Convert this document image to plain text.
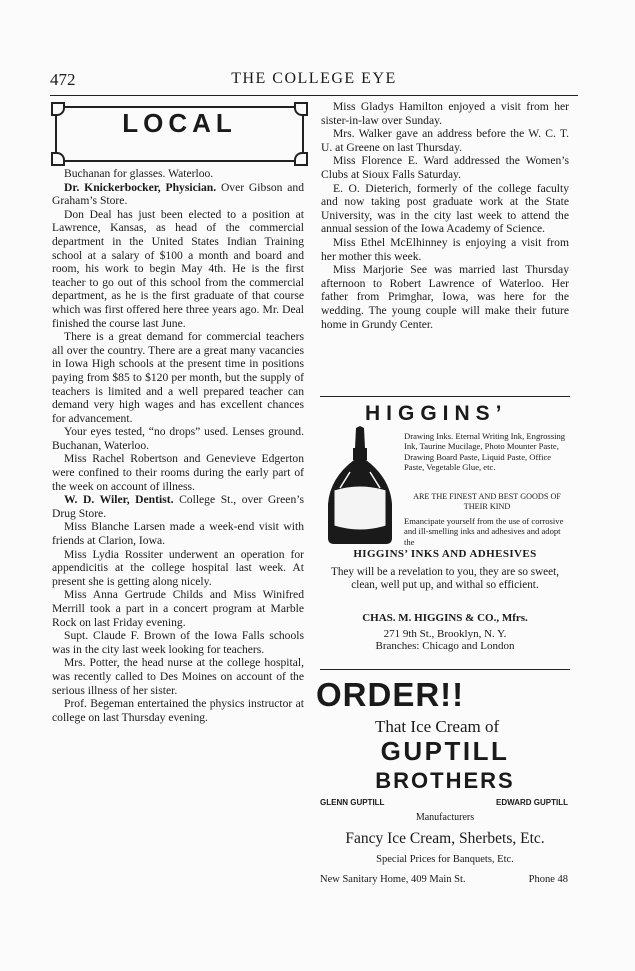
472	THE COLLEGE EYE
LOCAL

Buchanan for glasses. Waterloo.

Dr. Knickerbocker, Physician. Over Gibson and Graham’s Store.

Don Deal has just been elected to a position at Lawrence, Kansas, as head of the commercial department in the United States Indian Training school at a salary of $100 a month and board and room, his work to begin May 4th. He is the first teacher to go out of this school from the commercial department, as he is the first graduate of that course which was first offered here three years ago. Mr. Deal finished the course last June.

There is a great demand for commercial teachers all over the country. There are a great many vacancies in Iowa High schools at the present time in positions paying from $85 to $120 per month, but the supply of teachers is limited and a well prepared teacher can demand very high wages and has excellent chances for advancement.

Your eyes tested, “no drops” used. Lenses ground. Buchanan, Waterloo.

Miss Rachel Robertson and Genevieve Edgerton were confined to their rooms during the early part of the week on account of illness.

W. D. Wiler, Dentist. College St., over Green’s Drug Store.

Miss Blanche Larsen made a week-end visit with friends at Clarion, Iowa.

Miss Lydia Rossiter underwent an operation for appendicitis at the college hospital last week. At present she is getting along nicely.

Miss Anna Gertrude Childs and Miss Winifred Merrill took a part in a concert program at Marble Rock on last Friday evening.

Supt. Claude F. Brown of the Iowa Falls schools was in the city last week looking for teachers.

Mrs. Potter, the head nurse at the college hospital, was recently called to Des Moines on account of the serious illness of her sister.

Prof. Begeman entertained the physics instructor at college on last Thursday evening.

Miss Gladys Hamilton enjoyed a visit from her sister-in-law over Sunday.

Mrs. Walker gave an address before the W. C. T. U. at Greene on last Thursday.

Miss Florence E. Ward addressed the Women’s Clubs at Sioux Falls Saturday.

E. O. Dieterich, formerly of the college faculty and now taking post graduate work at the State University, was in the city last week to attend the annual session of the Iowa Academy of Science.

Miss Ethel McElhinney is enjoying a visit from her mother this week.

Miss Marjorie See was married last Thursday afternoon to Robert Lawrence of Waterloo. Her father from Primghar, Iowa, was here for the wedding. The young couple will make their future home in Grundy Center.

HIGGINS’
Drawing Inks. Eternal Writing Ink, Engrossing Ink, Taurine Mucilage, Photo Mounter Paste, Drawing Board Paste, Liquid Paste, Office Paste, Vegetable Glue, etc.
ARE THE FINEST AND BEST GOODS OF THEIR KIND
Emancipate yourself from the use of corrosive and ill-smelling inks and adhesives and adopt the
HIGGINS’ INKS AND ADHESIVES
They will be a revelation to you, they are so sweet, clean, well put up, and withal so efficient.
CHAS. M. HIGGINS & CO., Mfrs.
271 9th St., Brooklyn, N. Y.
Branches: Chicago and London
ORDER!!
That Ice Cream of
GUPTILL
BROTHERS
GLENN GUPTILL	EDWARD GUPTILL
Manufacturers
Fancy Ice Cream, Sherbets, Etc.
Special Prices for Banquets, Etc.
New Sanitary Home, 409 Main St.	Phone 48
